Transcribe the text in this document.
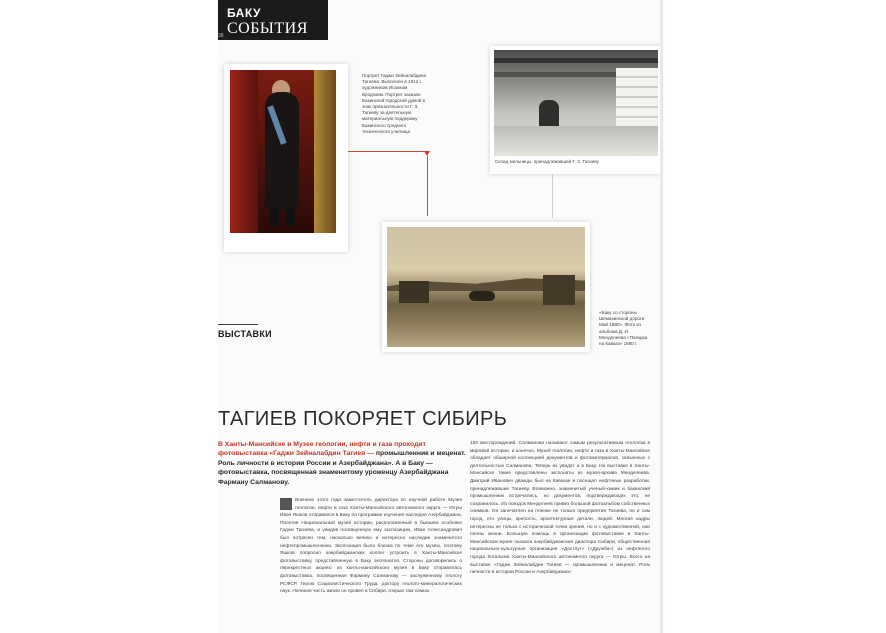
БАКУ
СОБЫТИЯ
38
Портрет Гаджи Зейналабдина Тагиева. Выполнен в 1912 г. художником Исааком Бродским. Портрет заказан Бакинской городской думой в знак признательности Г. З. Тагиеву за деятельную материальную поддержку Бакинского среднего технического училища
Склад мельницы, принадлежавшей Г. З. Тагиеву
«Баку со стороны Шемахинской дороги. Май 1880». Фото из альбома Д. И. Менделеева «Поездка на Кавказ» 1880 г.
ВЫСТАВКИ
ТАГИЕВ ПОКОРЯЕТ СИБИРЬ
В Ханты-Мансийске в Музее геологии, нефти и газа проходит фотовыставка «Гаджи Зейналабдин Тагиев — промышленник и меценат. Роль личности в истории России и Азербайджана». А в Баку — фотовыставка, посвященная знаменитому уроженцу Азербайджана Фарману Салманову.
Вначале этого года заместитель директора по научной работе Музея геологии, нефти и газа Ханты-Мансийского автономного округа — Югры Иван Яшков отправился в Баку по программе изучения наследия Азербайджана. Посетив Национальный музей истории, расположенный в бывшем особняке Гаджи Тагиева, и увидев посвященную ему экспозицию, Иван Александрович был потрясен тем, насколько велико и интересно наследие знаменитого нефтепромышленника. Экспозиция была близка по теме его музею, поэтому Яшков попросил азербайджанских коллег устроить в Ханты-Мансийске фотовыставку, представленную в Баку экспонатов. Стороны договорились о перекрестных акциях: из ханты-мансийского музея в Баку отправилась фотовыставка, посвященная Фарману Салманову — заслуженному геологу РСФСР, Герою Социалистического Труда, доктору геолого-минералогических наук. Начиная часть жизни он провел в Сибири, открыв там семью
150 месторождений. Салманова называют самым результативным геологом в мировой истории, и конечно, Музей геологии, нефти и газа в Ханты-Мансийске обладает обширной коллекцией документов и фотоматериалов, связанных с деятельностью Салманова. Теперь их увидят и в Баку. На выставке в Ханты-Мансийске также представлены экспонаты из музея-архива Менделеева. Дмитрий Иванович дважды был на Кавказе и посещал нефтяные разработки, принадлежавшие Тагиеву. Возможно, знаменитый ученый-химик и бакинский промышленник встречались, но документов, подтверждающих это, не сохранилось. Из поездок Менделеев привез большой фотоальбом собственных снимков. Он запечатлел на пленке не только предприятия Тагиева, но и сам город, его улицы, крепость, архитектурные детали, людей. Многие кадры интересны не только с исторической точки зрения, но и с художественной, они полны жизни. Большую помощь в организации фотовыставки в Ханты-Мансийском музее оказала азербайджанская диаспора Сибири, общественная национально-культурная организация «Достлуг» («Дружба») из нефтяного города Когалыма Ханты-Мансийского автономного округа — Югры. Всего на выставке «Гаджи Зейналабдин Тагиев — промышленник и меценат. Роль личности в истории России и Азербайджана»
